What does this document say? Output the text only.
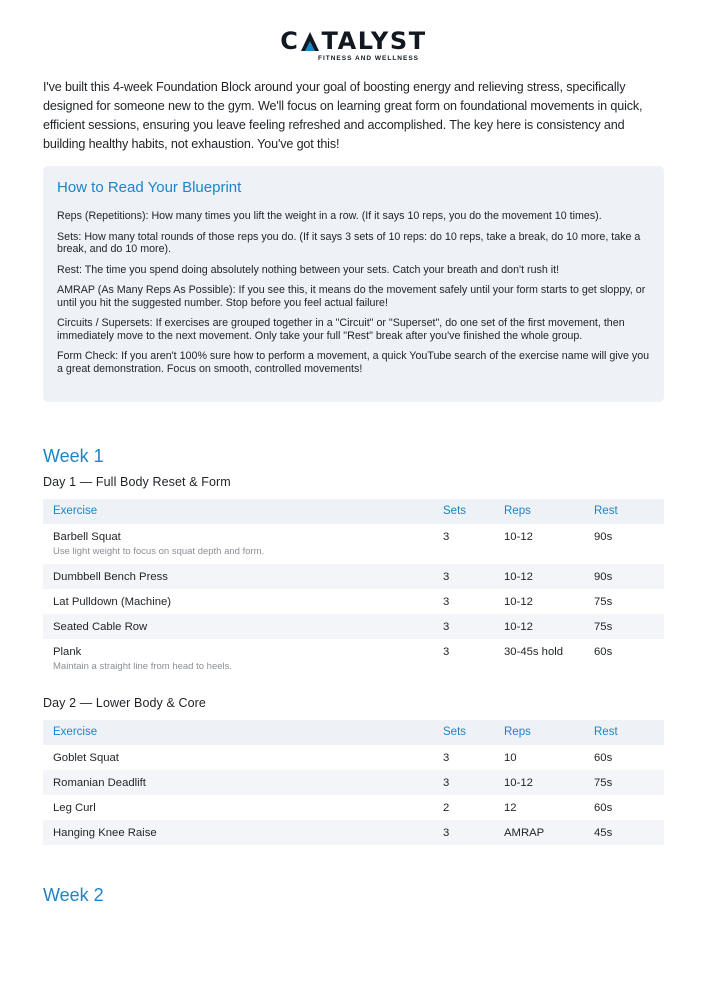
C TALYST
FITNESS AND WELLNESS

I've built this 4-week Foundation Block around your goal of boosting energy and relieving stress, specifically designed for someone new to the gym. We'll focus on learning great form on foundational movements in quick, efficient sessions, ensuring you leave feeling refreshed and accomplished. The key here is consistency and building healthy habits, not exhaustion. You've got this!

How to Read Your Blueprint

Reps (Repetitions): How many times you lift the weight in a row. (If it says 10 reps, you do the movement 10 times).

Sets: How many total rounds of those reps you do. (If it says 3 sets of 10 reps: do 10 reps, take a break, do 10 more, take a break, and do 10 more).

Rest: The time you spend doing absolutely nothing between your sets. Catch your breath and don't rush it!

AMRAP (As Many Reps As Possible): If you see this, it means do the movement safely until your form starts to get sloppy, or until you hit the suggested number. Stop before you feel actual failure!

Circuits / Supersets: If exercises are grouped together in a "Circuit" or "Superset", do one set of the first movement, then immediately move to the next movement. Only take your full "Rest" break after you've finished the whole group.

Form Check: If you aren't 100% sure how to perform a movement, a quick YouTube search of the exercise name will give you a great demonstration. Focus on smooth, controlled movements!

Week 1
Day 1 — Full Body Reset & Form
Exercise	Sets	Reps	Rest
Barbell Squat	3	10-12	90s
Use light weight to focus on squat depth and form.
Dumbbell Bench Press	3	10-12	90s
Lat Pulldown (Machine)	3	10-12	75s
Seated Cable Row	3	10-12	75s
Plank	3	30-45s hold	60s
Maintain a straight line from head to heels.
Day 2 — Lower Body & Core
Exercise	Sets	Reps	Rest
Goblet Squat	3	10	60s
Romanian Deadlift	3	10-12	75s
Leg Curl	2	12	60s
Hanging Knee Raise	3	AMRAP	45s
Week 2
